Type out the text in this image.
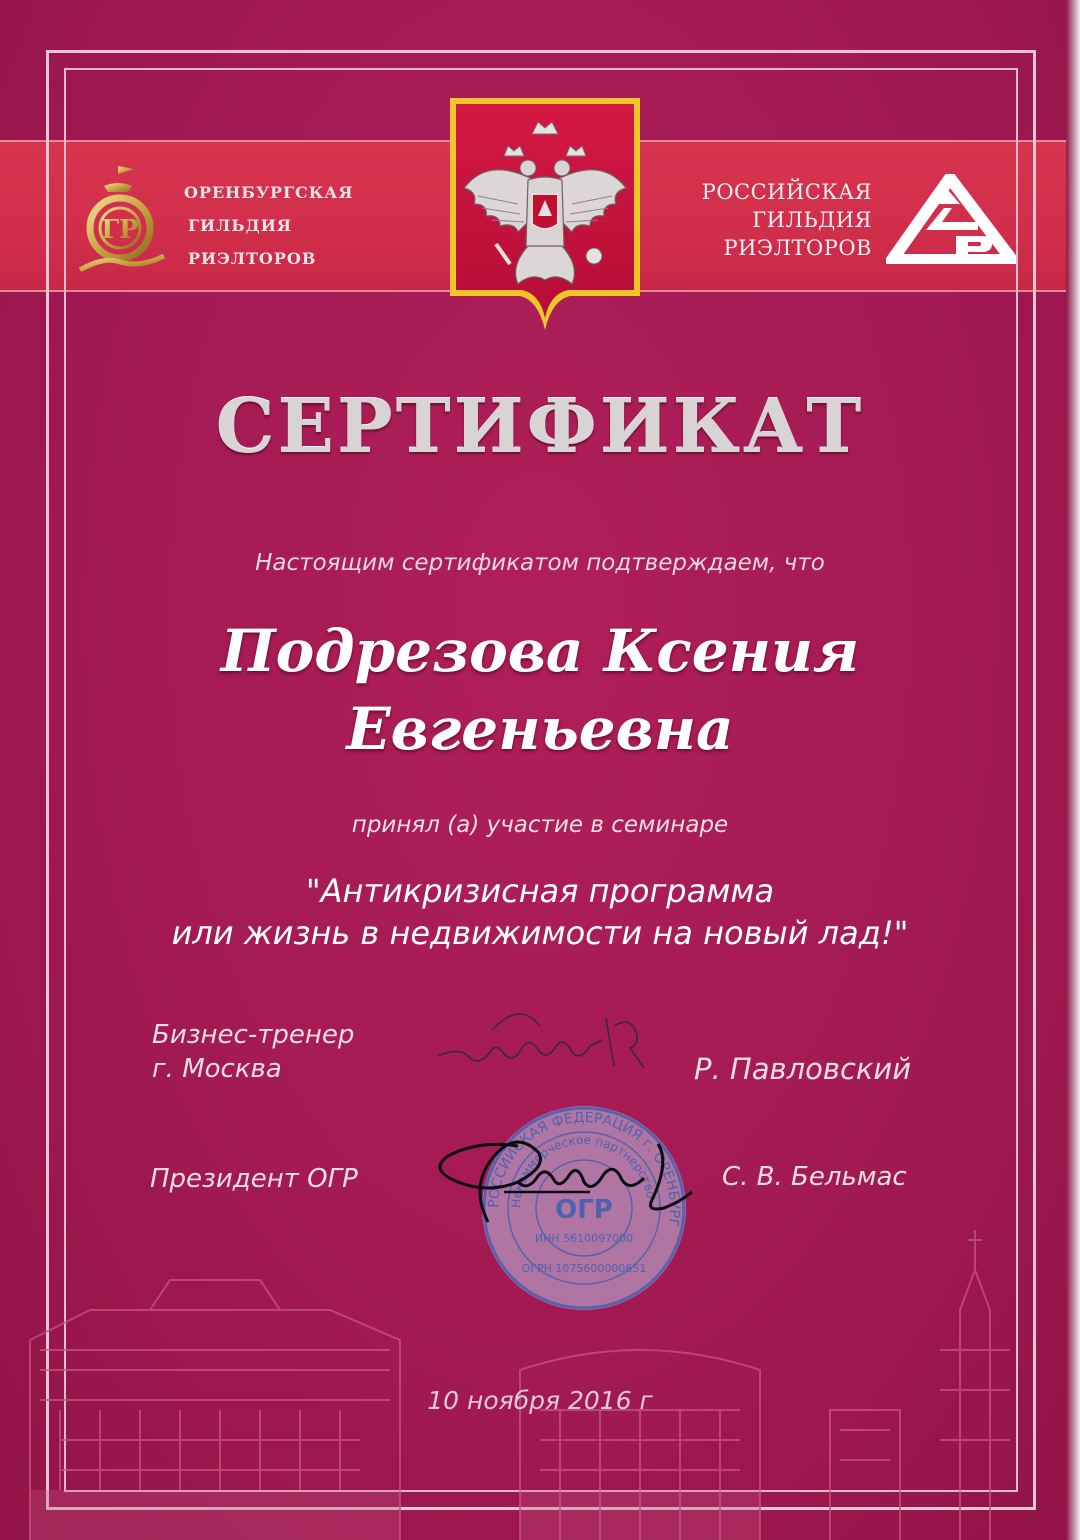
ГР
ОРЕНБУРГСКАЯ
ГИЛЬДИЯ
РИЭЛТОРОВ
РОССИЙСКАЯ
ГИЛЬДИЯ
РИЭЛТОРОВ
СЕРТИФИКАТ
Настоящим сертификатом подтверждаем, что
Подрезова Ксения
Евгеньевна
принял (а) участие в семинаре
"Антикризисная программа
или жизнь в недвижимости на новый лад!"
Бизнес-тренер
г. Москва	Р. Павловский
РОССИЙСКАЯ ФЕДЕРАЦИЯ г. ОРЕНБУРГ
Некоммерческое партнерство
ОГР
ИНН 5610097000
ОГРН 1075600000651
Президент ОГР	С. В. Бельмас
10 ноября 2016 г
